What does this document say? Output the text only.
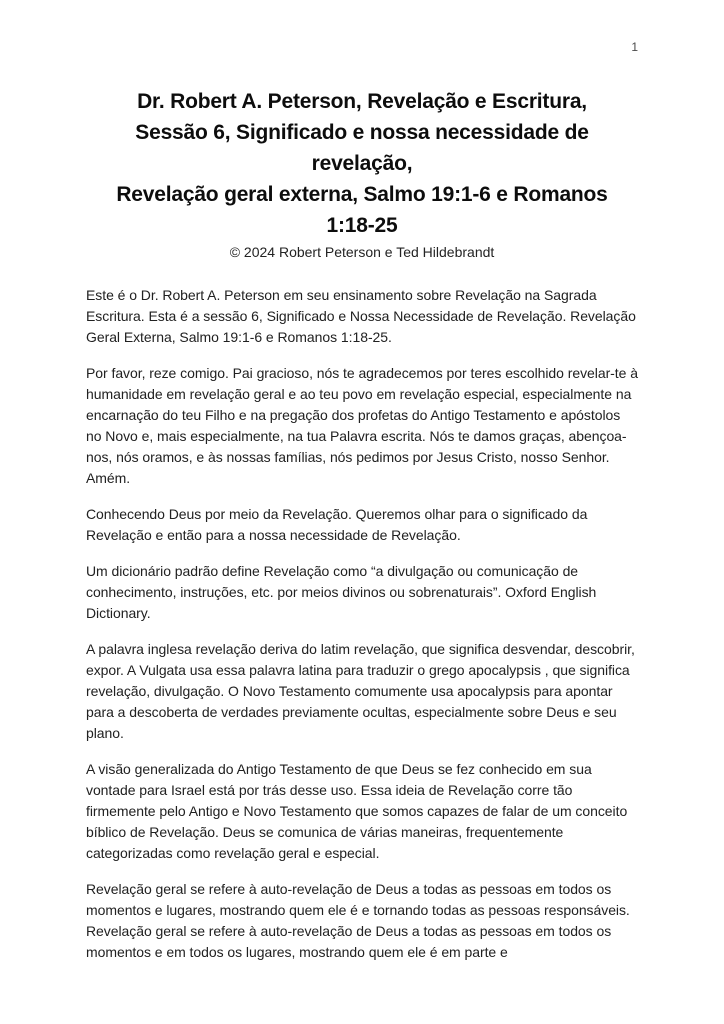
1
Dr. Robert A. Peterson, Revelação e Escritura,
Sessão 6, Significado e nossa necessidade de
revelação,
Revelação geral externa, Salmo 19:1-6 e Romanos
1:18-25
© 2024 Robert Peterson e Ted Hildebrandt

Este é o Dr. Robert A. Peterson em seu ensinamento sobre Revelação na Sagrada Escritura. Esta é a sessão 6, Significado e Nossa Necessidade de Revelação. Revelação Geral Externa, Salmo 19:1-6 e Romanos 1:18-25.

Por favor, reze comigo. Pai gracioso, nós te agradecemos por teres escolhido revelar-te à humanidade em revelação geral e ao teu povo em revelação especial, especialmente na encarnação do teu Filho e na pregação dos profetas do Antigo Testamento e apóstolos no Novo e, mais especialmente, na tua Palavra escrita. Nós te damos graças, abençoa-nos, nós oramos, e às nossas famílias, nós pedimos por Jesus Cristo, nosso Senhor. Amém.

Conhecendo Deus por meio da Revelação. Queremos olhar para o significado da Revelação e então para a nossa necessidade de Revelação.

Um dicionário padrão define Revelação como “a divulgação ou comunicação de conhecimento, instruções, etc. por meios divinos ou sobrenaturais”. Oxford English Dictionary.

A palavra inglesa revelação deriva do latim revelação, que significa desvendar, descobrir, expor. A Vulgata usa essa palavra latina para traduzir o grego apocalypsis , que significa revelação, divulgação. O Novo Testamento comumente usa apocalypsis para apontar para a descoberta de verdades previamente ocultas, especialmente sobre Deus e seu plano.

A visão generalizada do Antigo Testamento de que Deus se fez conhecido em sua vontade para Israel está por trás desse uso. Essa ideia de Revelação corre tão firmemente pelo Antigo e Novo Testamento que somos capazes de falar de um conceito bíblico de Revelação. Deus se comunica de várias maneiras, frequentemente categorizadas como revelação geral e especial.

Revelação geral se refere à auto-revelação de Deus a todas as pessoas em todos os momentos e lugares, mostrando quem ele é e tornando todas as pessoas responsáveis. Revelação geral se refere à auto-revelação de Deus a todas as pessoas em todos os momentos e em todos os lugares, mostrando quem ele é em parte e
